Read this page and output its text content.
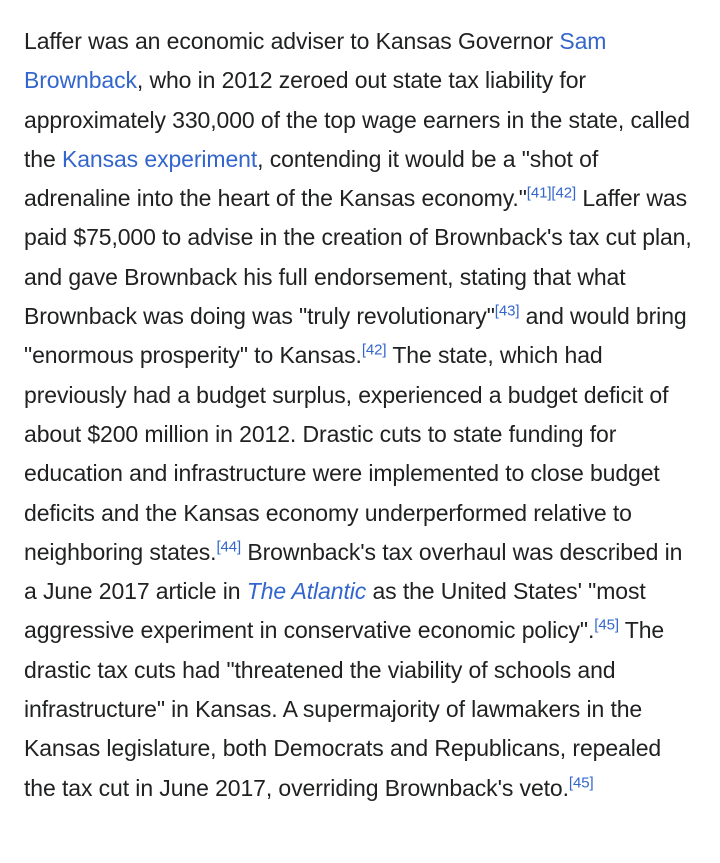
Laffer was an economic adviser to Kansas Governor Sam Brownback, who in 2012 zeroed out state tax liability for approximately 330,000 of the top wage earners in the state, called the Kansas experiment, contending it would be a "shot of adrenaline into the heart of the Kansas economy."[41][42] Laffer was paid $75,000 to advise in the creation of Brownback's tax cut plan, and gave Brownback his full endorsement, stating that what Brownback was doing was "truly revolutionary"[43] and would bring "enormous prosperity" to Kansas.[42] The state, which had previously had a budget surplus, experienced a budget deficit of about $200 million in 2012. Drastic cuts to state funding for education and infrastructure were implemented to close budget deficits and the Kansas economy underperformed relative to neighboring states.[44] Brownback's tax overhaul was described in a June 2017 article in The Atlantic as the United States' "most aggressive experiment in conservative economic policy".[45] The drastic tax cuts had "threatened the viability of schools and infrastructure" in Kansas. A supermajority of lawmakers in the Kansas legislature, both Democrats and Republicans, repealed the tax cut in June 2017, overriding Brownback's veto.[45]
